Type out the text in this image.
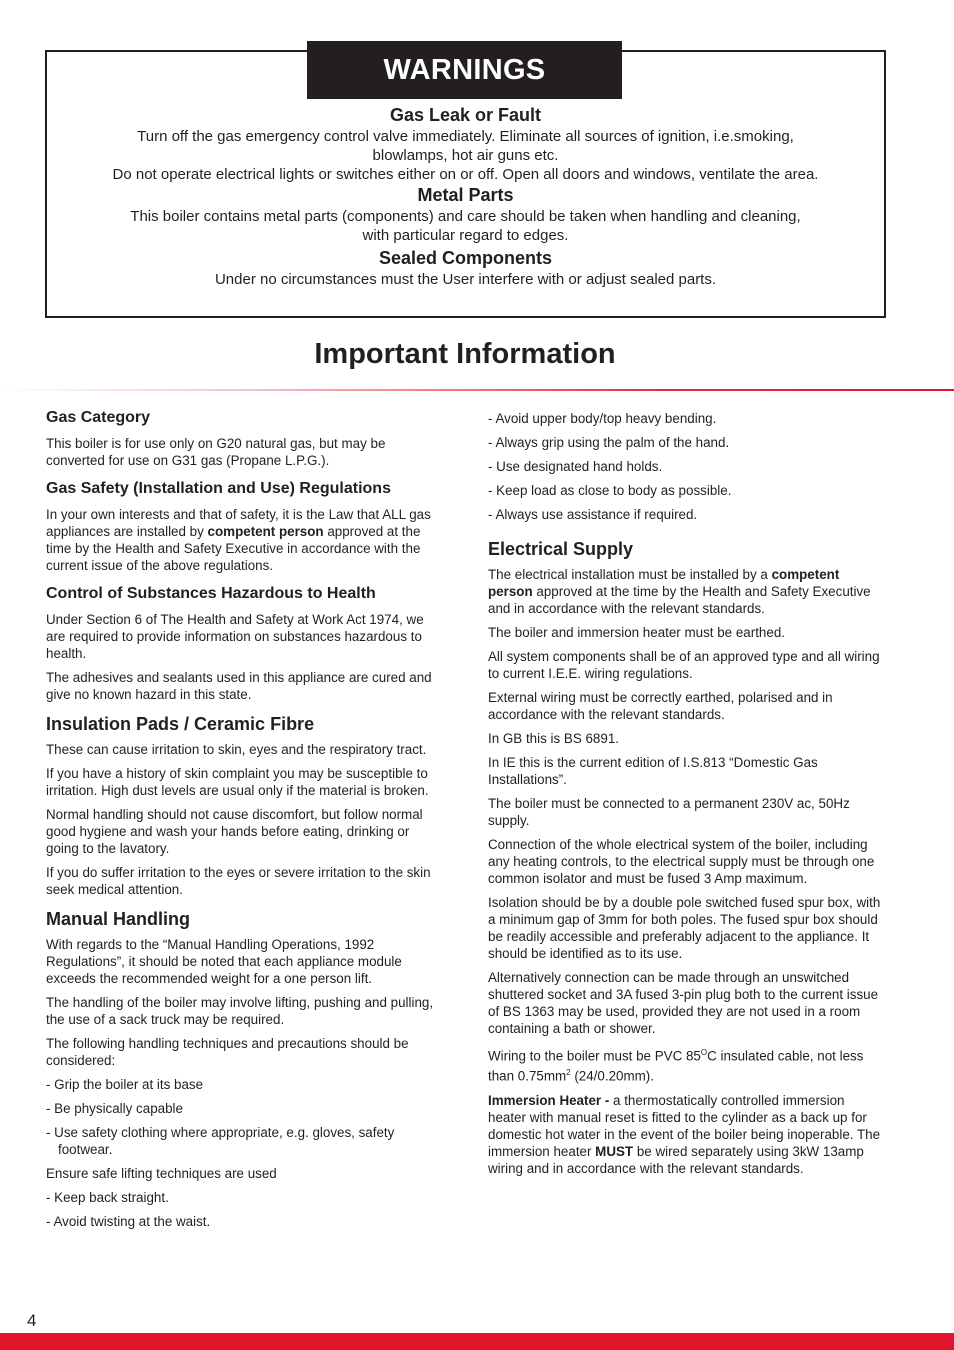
WARNINGS
Gas Leak or Fault

Turn off the gas emergency control valve immediately. Eliminate all sources of ignition, i.e.smoking,

blowlamps, hot air guns etc.

Do not operate electrical lights or switches either on or off. Open all doors and windows, ventilate the area.

Metal Parts

This boiler contains metal parts (components) and care should be taken when handling and cleaning,

with particular regard to edges.

Sealed Components

Under no circumstances must the User interfere with or adjust sealed parts.

Important Information
Gas Category

This boiler is for use only on G20 natural gas, but may be converted for use on G31 gas (Propane L.P.G.).

Gas Safety (Installation and Use) Regulations

In your own interests and that of safety, it is the Law that ALL gas appliances are installed by competent person approved at the time by the Health and Safety Executive in accordance with the current issue of the above regulations.

Control of Substances Hazardous to Health

Under Section 6 of The Health and Safety at Work Act 1974, we are required to provide information on substances hazardous to health.

The adhesives and sealants used in this appliance are cured and give no known hazard in this state.

Insulation Pads / Ceramic Fibre

These can cause irritation to skin, eyes and the respiratory tract.

If you have a history of skin complaint you may be susceptible to irritation. High dust levels are usual only if the material is broken.

Normal handling should not cause discomfort, but follow normal good hygiene and wash your hands before eating, drinking or going to the lavatory.

If you do suffer irritation to the eyes or severe irritation to the skin seek medical attention.

Manual Handling

With regards to the “Manual Handling Operations, 1992 Regulations”, it should be noted that each appliance module exceeds the recommended weight for a one person lift.

The handling of the boiler may involve lifting, pushing and pulling, the use of a sack truck may be required.

The following handling techniques and precautions should be considered:

- Grip the boiler at its base

- Be physically capable

- Use safety clothing where appropriate, e.g. gloves, safety footwear.

Ensure safe lifting techniques are used

- Keep back straight.

- Avoid twisting at the waist.

- Avoid upper body/top heavy bending.

- Always grip using the palm of the hand.

- Use designated hand holds.

- Keep load as close to body as possible.

- Always use assistance if required.

Electrical Supply

The electrical installation must be installed by a competent person approved at the time by the Health and Safety Executive and in accordance with the relevant standards.

The boiler and immersion heater must be earthed.

All system components shall be of an approved type and all wiring to current I.E.E. wiring regulations.

External wiring must be correctly earthed, polarised and in accordance with the relevant standards.

In GB this is BS 6891.

In IE this is the current edition of I.S.813 “Domestic Gas Installations”.

The boiler must be connected to a permanent 230V ac, 50Hz supply.

Connection of the whole electrical system of the boiler, including any heating controls, to the electrical supply must be through one common isolator and must be fused 3 Amp maximum.

Isolation should be by a double pole switched fused spur box, with a minimum gap of 3mm for both poles. The fused spur box should be readily accessible and preferably adjacent to the appliance. It should be identified as to its use.

Alternatively connection can be made through an unswitched shuttered socket and 3A fused 3-pin plug both to the current issue of BS 1363 may be used, provided they are not used in a room containing a bath or shower.

Wiring to the boiler must be PVC $85^OC$ insulated cable, not less than $0.75mm^2$ (24/0.20mm).

Immersion Heater - a thermostatically controlled immersion heater with manual reset is fitted to the cylinder as a back up for domestic hot water in the event of the boiler being inoperable. The immersion heater MUST be wired separately using 3kW 13amp wiring and in accordance with the relevant standards.

4
